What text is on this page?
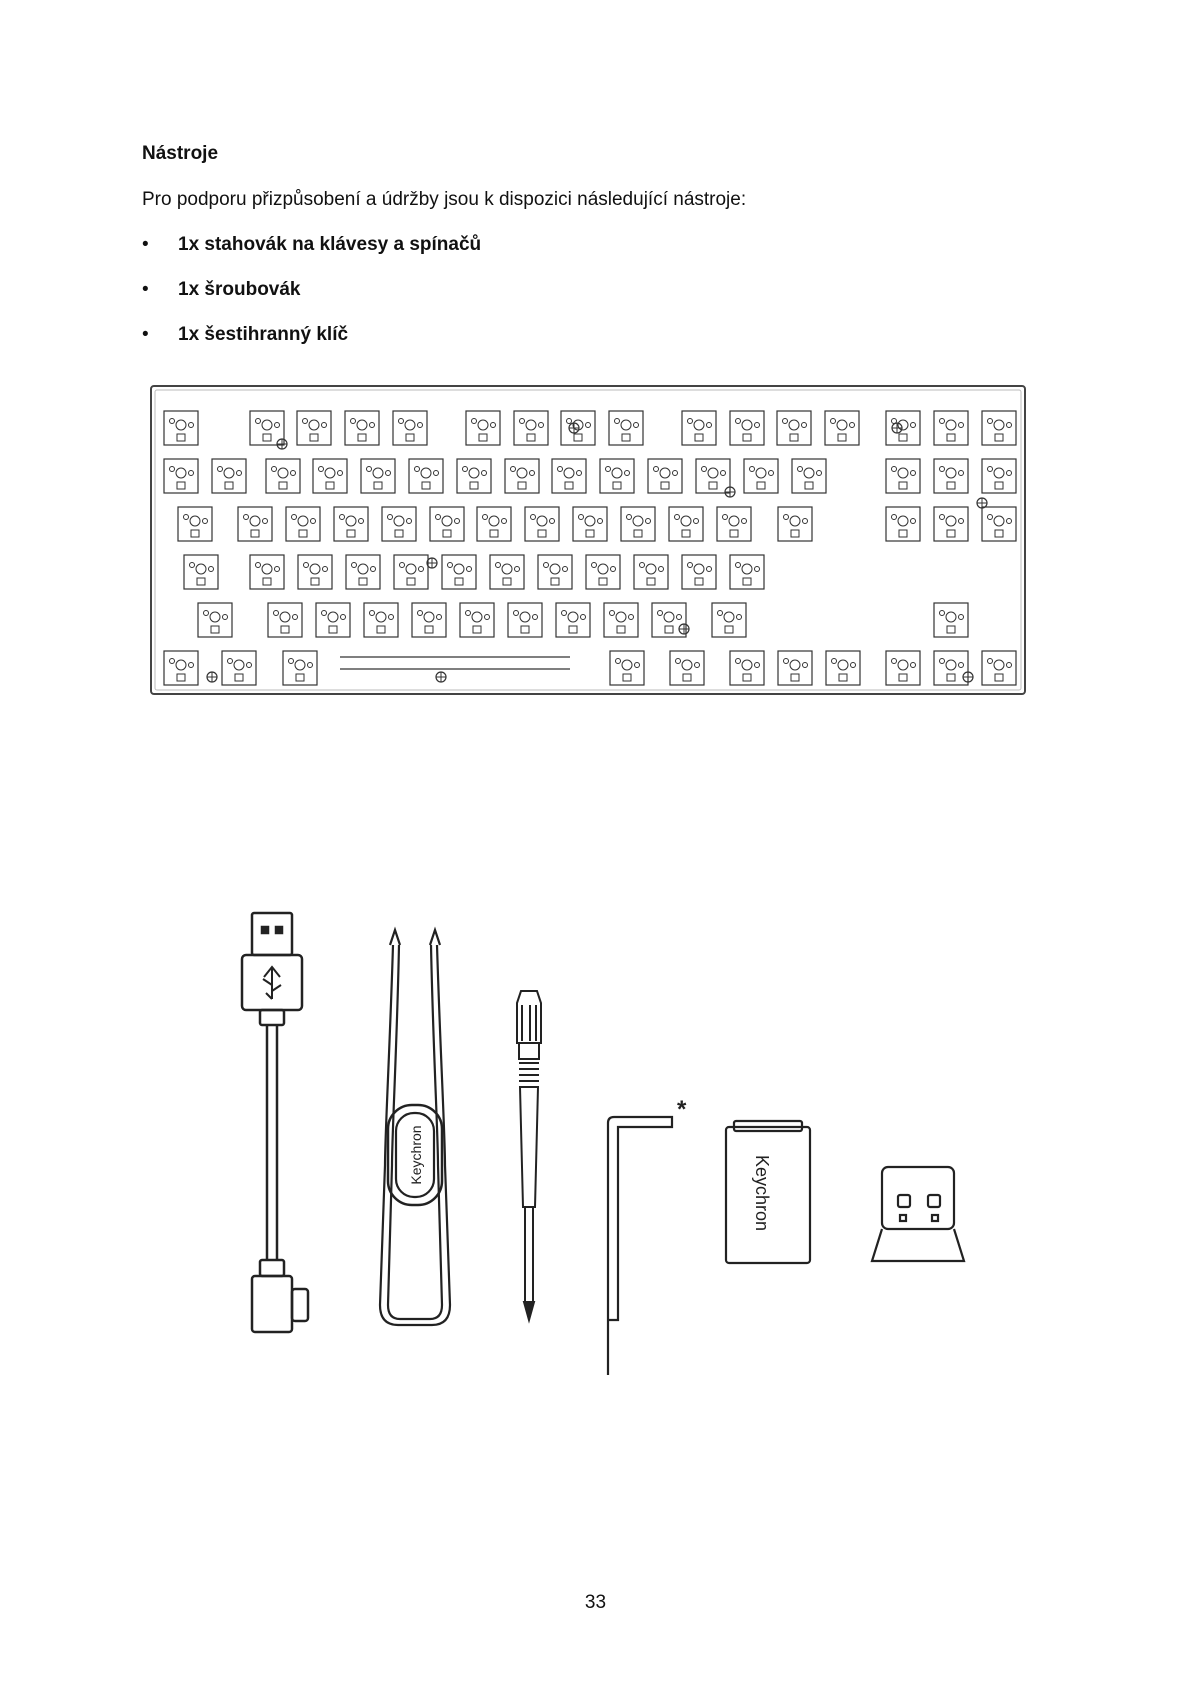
Nástroje
Pro podporu přizpůsobení a údržby jsou k dispozici následující nástroje:
• 1x stahovák na klávesy a spínačů
• 1x šroubovák
• 1x šestihranný klíč
Keychron
*
Keychron
33
